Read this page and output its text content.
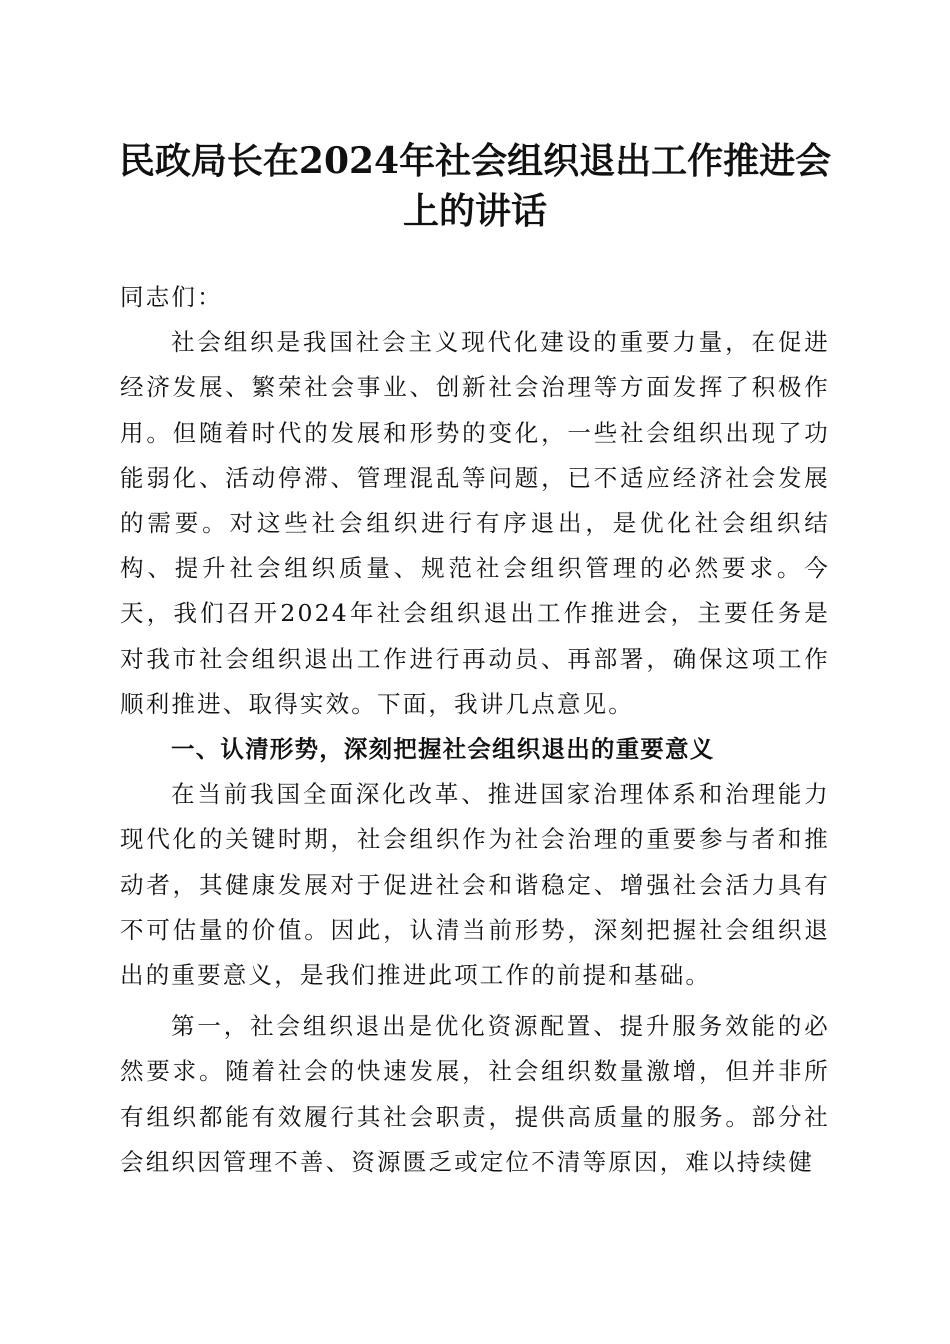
民政局长在2024年社会组织退出工作推进会
上的讲话

同志们：

社会组织是我国社会主义现代化建设的重要力量，在促进经济发展、繁荣社会事业、创新社会治理等方面发挥了积极作用。但随着时代的发展和形势的变化，一些社会组织出现了功能弱化、活动停滞、管理混乱等问题，已不适应经济社会发展的需要。对这些社会组织进行有序退出，是优化社会组织结构、提升社会组织质量、规范社会组织管理的必然要求。今天，我们召开2024年社会组织退出工作推进会，主要任务是对我市社会组织退出工作进行再动员、再部署，确保这项工作顺利推进、取得实效。下面，我讲几点意见。

一、认清形势，深刻把握社会组织退出的重要意义

在当前我国全面深化改革、推进国家治理体系和治理能力现代化的关键时期，社会组织作为社会治理的重要参与者和推动者，其健康发展对于促进社会和谐稳定、增强社会活力具有不可估量的价值。因此，认清当前形势，深刻把握社会组织退出的重要意义，是我们推进此项工作的前提和基础。

第一，社会组织退出是优化资源配置、提升服务效能的必然要求。随着社会的快速发展，社会组织数量激增，但并非所有组织都能有效履行其社会职责，提供高质量的服务。部分社会组织因管理不善、资源匮乏或定位不清等原因，难以持续健
